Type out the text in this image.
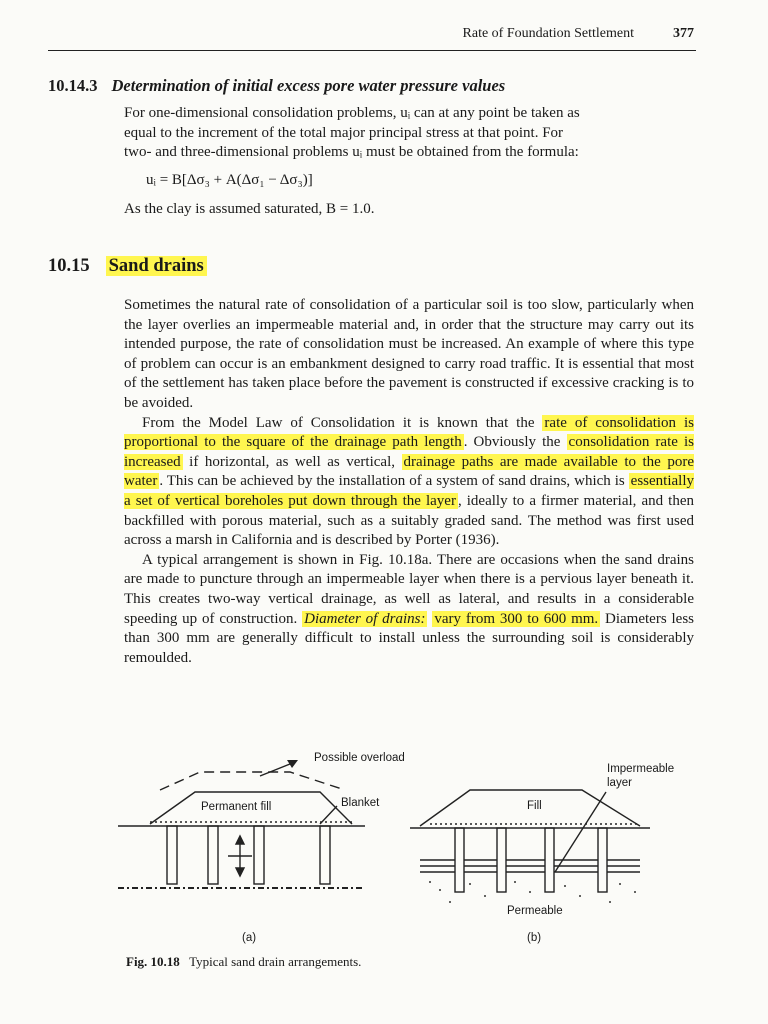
Rate of Foundation Settlement	377
10.14.3 Determination of initial excess pore water pressure values
For one-dimensional consolidation problems, uᵢ can at any point be taken as
equal to the increment of the total major principal stress at that point. For
two- and three-dimensional problems uᵢ must be obtained from the formula:
uᵢ = B[Δσ₃ + A(Δσ₁ − Δσ₃)]
As the clay is assumed saturated, B = 1.0.
10.15 Sand drains

Sometimes the natural rate of consolidation of a particular soil is too slow, particularly when the layer overlies an impermeable material and, in order that the structure may carry out its intended purpose, the rate of consolidation must be increased. An example of where this type of problem can occur is an embankment designed to carry road traffic. It is essential that most of the settlement has taken place before the pavement is constructed if excessive cracking is to be avoided.

From the Model Law of Consolidation it is known that the rate of consolidation is proportional to the square of the drainage path length . Obviously the consolidation rate is increased if horizontal, as well as vertical, drainage paths are made available to the pore water . This can be achieved by the installation of a system of sand drains, which is essentially a set of vertical boreholes put down through the layer , ideally to a firmer material, and then backfilled with porous material, such as a suitably graded sand. The method was first used across a marsh in California and is described by Porter (1936).

A typical arrangement is shown in Fig. 10.18a. There are occasions when the sand drains are made to puncture through an impermeable layer when there is a pervious layer beneath it. This creates two-way vertical drainage, as well as lateral, and results in a considerable speeding up of construction. Diameter of drains: vary from 300 to 600 mm. Diameters less than 300 mm are generally difficult to install unless the surrounding soil is considerably remoulded.

Possible overload
Permanent fill	Blanket
Impermeable
layer
Fill
Permeable
(a)	(b)
Fig. 10.18 Typical sand drain arrangements.
